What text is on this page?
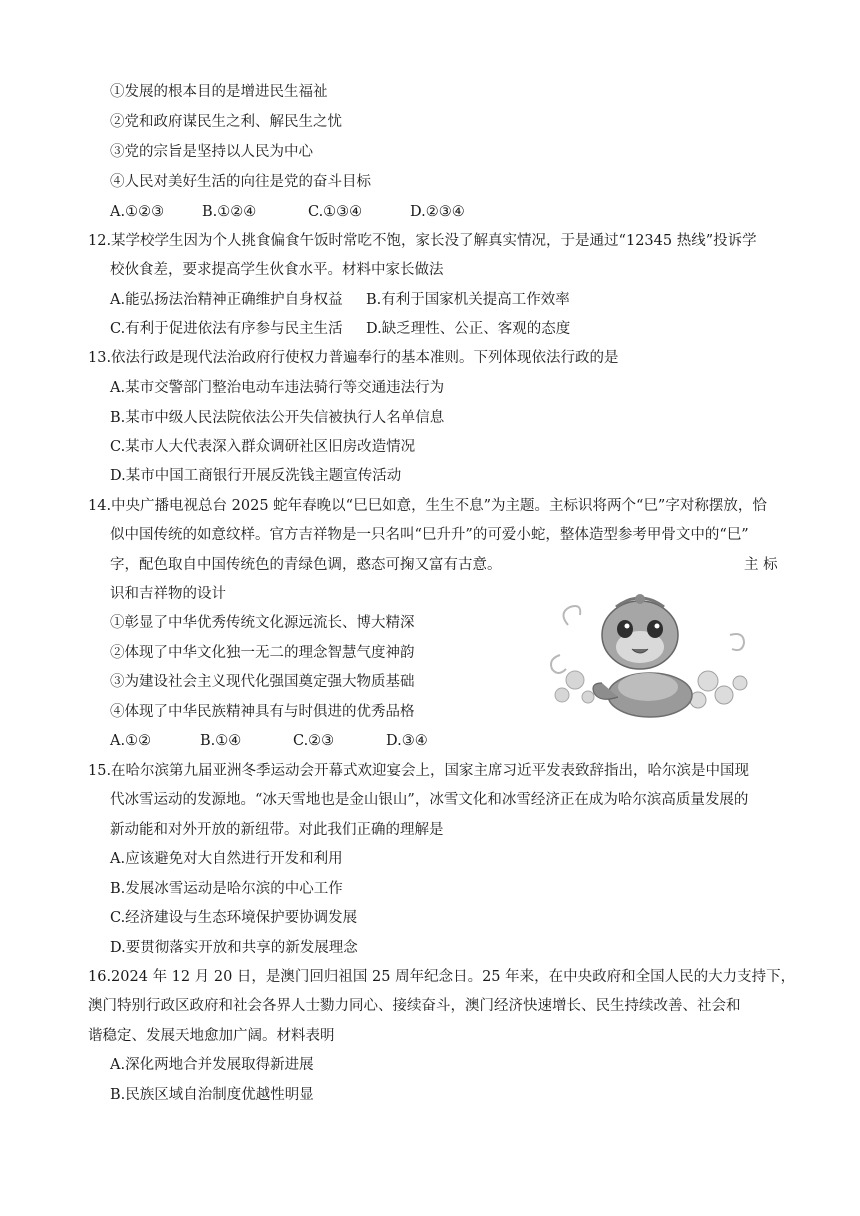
①发展的根本目的是增进民生福祉
②党和政府谋民生之利、解民生之忧
③党的宗旨是坚持以人民为中心
④人民对美好生活的向往是党的奋斗目标
A.①②③	B.①②④	C.①③④	D.②③④
12.某学校学生因为个人挑食偏食午饭时常吃不饱，家长没了解真实情况，于是通过“12345 热线”投诉学
校伙食差，要求提高学生伙食水平。材料中家长做法
A.能弘扬法治精神正确维护自身权益 B.有利于国家机关提高工作效率
C.有利于促进依法有序参与民主生活 D.缺乏理性、公正、客观的态度
13.依法行政是现代法治政府行使权力普遍奉行的基本准则。下列体现依法行政的是
A.某市交警部门整治电动车违法骑行等交通违法行为
B.某市中级人民法院依法公开失信被执行人名单信息
C.某市人大代表深入群众调研社区旧房改造情况
D.某市中国工商银行开展反洗钱主题宣传活动
14.中央广播电视总台 2025 蛇年春晚以“巳巳如意，生生不息”为主题。主标识将两个“巳”字对称摆放，恰
似中国传统的如意纹样。官方吉祥物是一只名叫“巳升升”的可爱小蛇，整体造型参考甲骨文中的“巳”
字，配色取自中国传统色的青绿色调，憨态可掬又富有古意。	主 标
识和吉祥物的设计
①彰显了中华优秀传统文化源远流长、博大精深
②体现了中华文化独一无二的理念智慧气度神韵
③为建设社会主义现代化强国奠定强大物质基础
④体现了中华民族精神具有与时俱进的优秀品格
A.①②	B.①④	C.②③	D.③④
15.在哈尔滨第九届亚洲冬季运动会开幕式欢迎宴会上，国家主席习近平发表致辞指出，哈尔滨是中国现
代冰雪运动的发源地。“冰天雪地也是金山银山”，冰雪文化和冰雪经济正在成为哈尔滨高质量发展的
新动能和对外开放的新纽带。对此我们正确的理解是
A.应该避免对大自然进行开发和利用
B.发展冰雪运动是哈尔滨的中心工作
C.经济建设与生态环境保护要协调发展
D.要贯彻落实开放和共享的新发展理念
16.2024 年 12 月 20 日，是澳门回归祖国 25 周年纪念日。25 年来，在中央政府和全国人民的大力支持下，
澳门特别行政区政府和社会各界人士勠力同心、接续奋斗，澳门经济快速增长、民生持续改善、社会和
谐稳定、发展天地愈加广阔。材料表明
A.深化两地合并发展取得新进展
B.民族区域自治制度优越性明显
